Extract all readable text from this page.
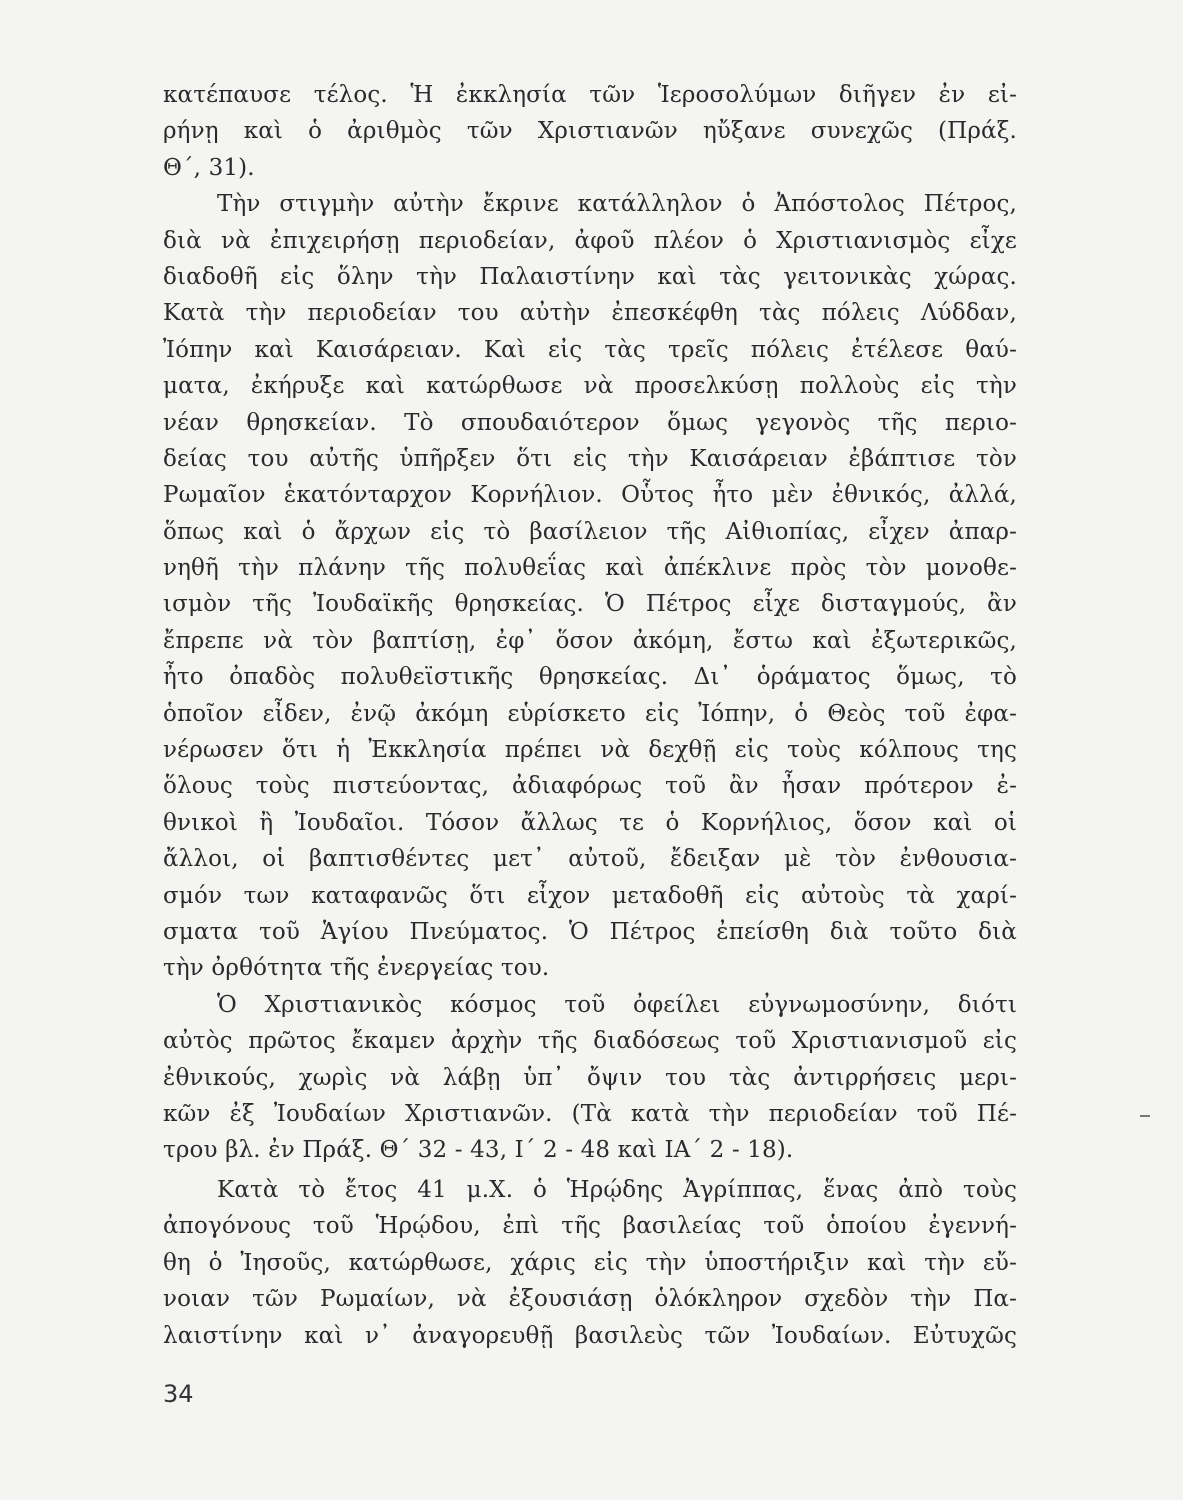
κατέπαυσε τέλος. Ἡ ἐκκλησία τῶν Ἱεροσολύμων διῆγεν ἐν εἰ-
ρήνῃ καὶ ὁ ἀριθμὸς τῶν Χριστιανῶν ηὔξανε συνεχῶς (Πράξ.
Θ΄, 31).
Τὴν στιγμὴν αὐτὴν ἔκρινε κατάλληλον ὁ Ἀπόστολος Πέτρος,
διὰ νὰ ἐπιχειρήσῃ περιοδείαν, ἀφοῦ πλέον ὁ Χριστιανισμὸς εἶχε
διαδοθῆ εἰς ὅλην τὴν Παλαιστίνην καὶ τὰς γειτονικὰς χώρας.
Κατὰ τὴν περιοδείαν του αὐτὴν ἐπεσκέφθη τὰς πόλεις Λύδδαν,
Ἰόπην καὶ Καισάρειαν. Καὶ εἰς τὰς τρεῖς πόλεις ἐτέλεσε θαύ-
ματα, ἐκήρυξε καὶ κατώρθωσε νὰ προσελκύσῃ πολλοὺς εἰς τὴν
νέαν θρησκείαν. Τὸ σπουδαιότερον ὅμως γεγονὸς τῆς περιο-
δείας του αὐτῆς ὑπῆρξεν ὅτι εἰς τὴν Καισάρειαν ἐβάπτισε τὸν
Ρωμαῖον ἑκατόνταρχον Κορνήλιον. Οὗτος ἦτο μὲν ἐθνικός, ἀλλά,
ὅπως καὶ ὁ ἄρχων εἰς τὸ βασίλειον τῆς Αἰθιοπίας, εἶχεν ἀπαρ-
νηθῆ τὴν πλάνην τῆς πολυθεΐας καὶ ἀπέκλινε πρὸς τὸν μονοθε-
ισμὸν τῆς Ἰουδαϊκῆς θρησκείας. Ὁ Πέτρος εἶχε δισταγμούς, ἂν
ἔπρεπε νὰ τὸν βαπτίσῃ, ἐφ᾽ ὅσον ἀκόμη, ἔστω καὶ ἐξωτερικῶς,
ἦτο ὀπαδὸς πολυθεϊστικῆς θρησκείας. Δι᾽ ὁράματος ὅμως, τὸ
ὁποῖον εἶδεν, ἐνῷ ἀκόμη εὑρίσκετο εἰς Ἰόπην, ὁ Θεὸς τοῦ ἐφα-
νέρωσεν ὅτι ἡ Ἐκκλησία πρέπει νὰ δεχθῇ εἰς τοὺς κόλπους της
ὅλους τοὺς πιστεύοντας, ἀδιαφόρως τοῦ ἂν ἦσαν πρότερον ἐ-
θνικοὶ ἢ Ἰουδαῖοι. Τόσον ἄλλως τε ὁ Κορνήλιος, ὅσον καὶ οἱ
ἄλλοι, οἱ βαπτισθέντες μετ᾽ αὐτοῦ, ἔδειξαν μὲ τὸν ἐνθουσια-
σμόν των καταφανῶς ὅτι εἶχον μεταδοθῆ εἰς αὐτοὺς τὰ χαρί-
σματα τοῦ Ἁγίου Πνεύματος. Ὁ Πέτρος ἐπείσθη διὰ τοῦτο διὰ
τὴν ὀρθότητα τῆς ἐνεργείας του.
Ὁ Χριστιανικὸς κόσμος τοῦ ὀφείλει εὐγνωμοσύνην, διότι
αὐτὸς πρῶτος ἔκαμεν ἀρχὴν τῆς διαδόσεως τοῦ Χριστιανισμοῦ εἰς
ἐθνικούς, χωρὶς νὰ λάβῃ ὑπ᾽ ὄψιν του τὰς ἀντιρρήσεις μερι-
κῶν ἐξ Ἰουδαίων Χριστιανῶν. (Τὰ κατὰ τὴν περιοδείαν τοῦ Πέ-
τρου βλ. ἐν Πράξ. Θ΄ 32 - 43, Ι΄ 2 - 48 καὶ ΙΑ΄ 2 - 18).
Κατὰ τὸ ἔτος 41 μ.Χ. ὁ Ἡρῴδης Ἀγρίππας, ἕνας ἀπὸ τοὺς
ἀπογόνους τοῦ Ἡρῴδου, ἐπὶ τῆς βασιλείας τοῦ ὁποίου ἐγεννή-
θη ὁ Ἰησοῦς, κατώρθωσε, χάρις εἰς τὴν ὑποστήριξιν καὶ τὴν εὔ-
νοιαν τῶν Ρωμαίων, νὰ ἐξουσιάσῃ ὁλόκληρον σχεδὸν τὴν Πα-
λαιστίνην καὶ ν᾽ ἀναγορευθῇ βασιλεὺς τῶν Ἰουδαίων. Εὐτυχῶς
34
